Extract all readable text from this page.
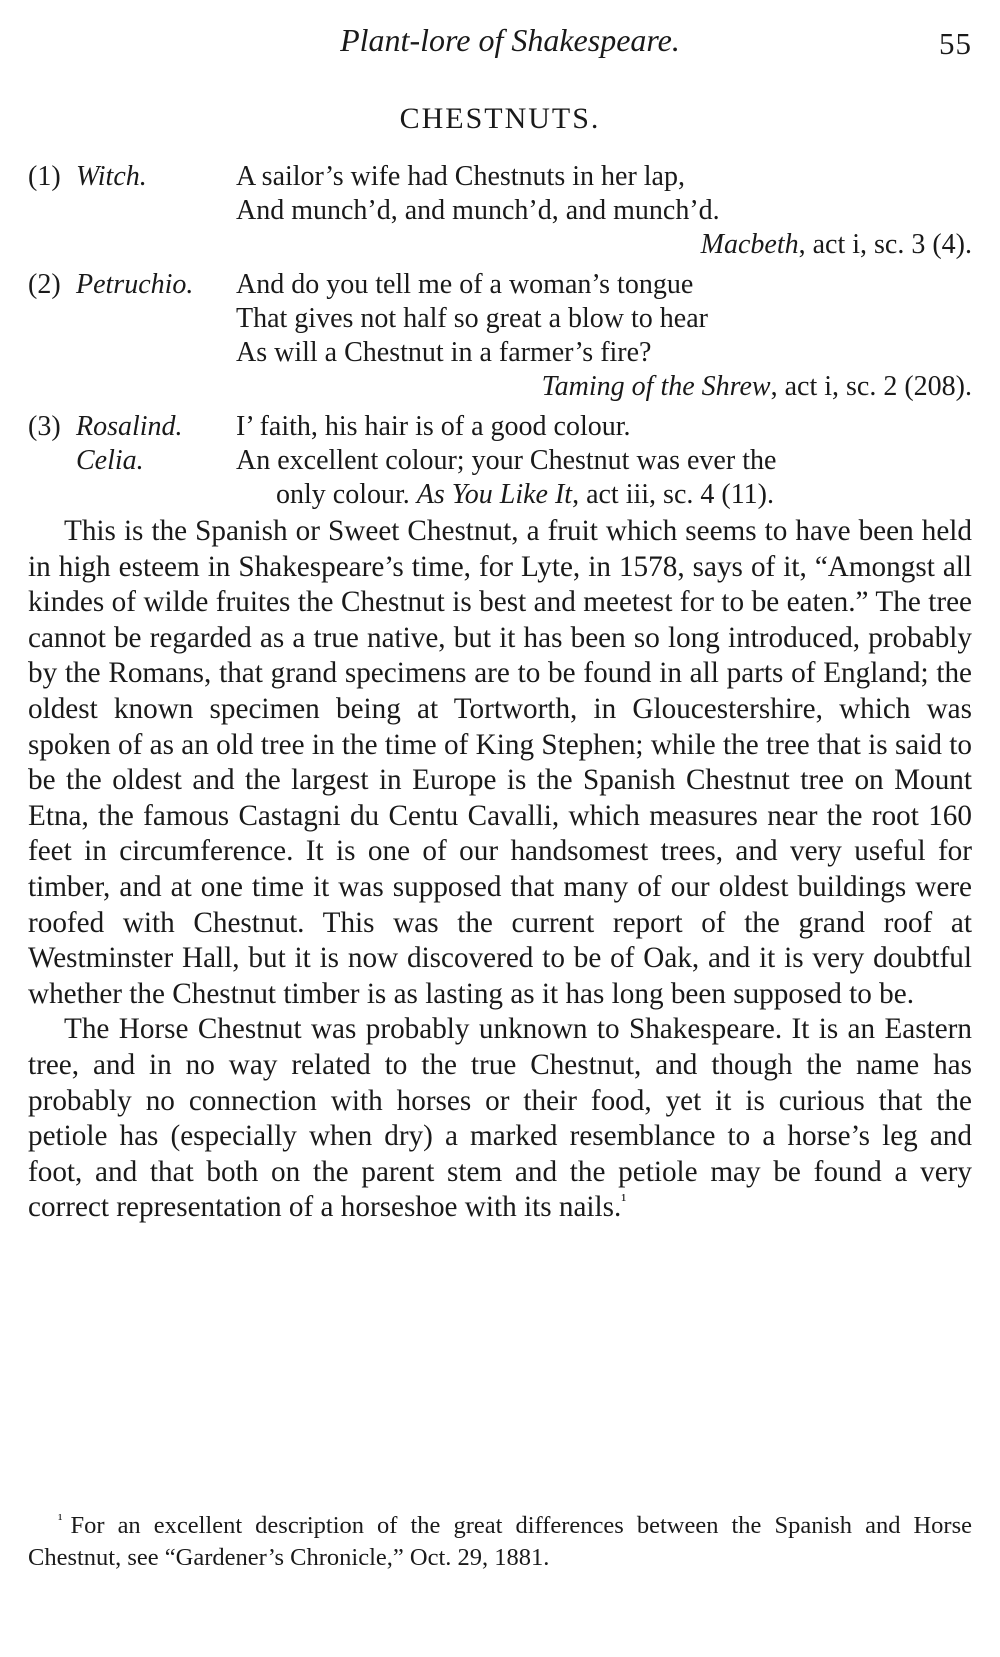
Plant-lore of Shakespeare.	55
CHESTNUTS.
(1) Witch.	A sailor’s wife had Chestnuts in her lap,
And munch’d, and munch’d, and munch’d.
Macbeth, act i, sc. 3 (4).
(2) Petruchio.	And do you tell me of a woman’s tongue
That gives not half so great a blow to hear
As will a Chestnut in a farmer’s fire?
Taming of the Shrew, act i, sc. 2 (208).
(3) Rosalind.	I’ faith, his hair is of a good colour.
Celia.	An excellent colour; your Chestnut was ever the
only colour. As You Like It, act iii, sc. 4 (11).

This is the Spanish or Sweet Chestnut, a fruit which seems to have been held in high esteem in Shakespeare’s time, for Lyte, in 1578, says of it, “Amongst all kindes of wilde fruites the Chestnut is best and meetest for to be eaten.” The tree cannot be regarded as a true native, but it has been so long introduced, probably by the Romans, that grand specimens are to be found in all parts of England; the oldest known specimen being at Tortworth, in Gloucestershire, which was spoken of as an old tree in the time of King Stephen; while the tree that is said to be the oldest and the largest in Europe is the Spanish Chestnut tree on Mount Etna, the famous Castagni du Centu Cavalli, which measures near the root 160 feet in circumference. It is one of our handsomest trees, and very useful for timber, and at one time it was supposed that many of our oldest buildings were roofed with Chestnut. This was the current report of the grand roof at Westminster Hall, but it is now discovered to be of Oak, and it is very doubtful whether the Chestnut timber is as lasting as it has long been supposed to be.

The Horse Chestnut was probably unknown to Shakespeare. It is an Eastern tree, and in no way related to the true Chestnut, and though the name has probably no connection with horses or their food, yet it is curious that the petiole has (especially when dry) a marked resemblance to a horse’s leg and foot, and that both on the parent stem and the petiole may be found a very correct representation of a horseshoe with its nails.$^{^1}$

$^{^1}$ For an excellent description of the great differences between the Spanish and Horse Chestnut, see “Gardener’s Chronicle,” Oct. 29, 1881.
